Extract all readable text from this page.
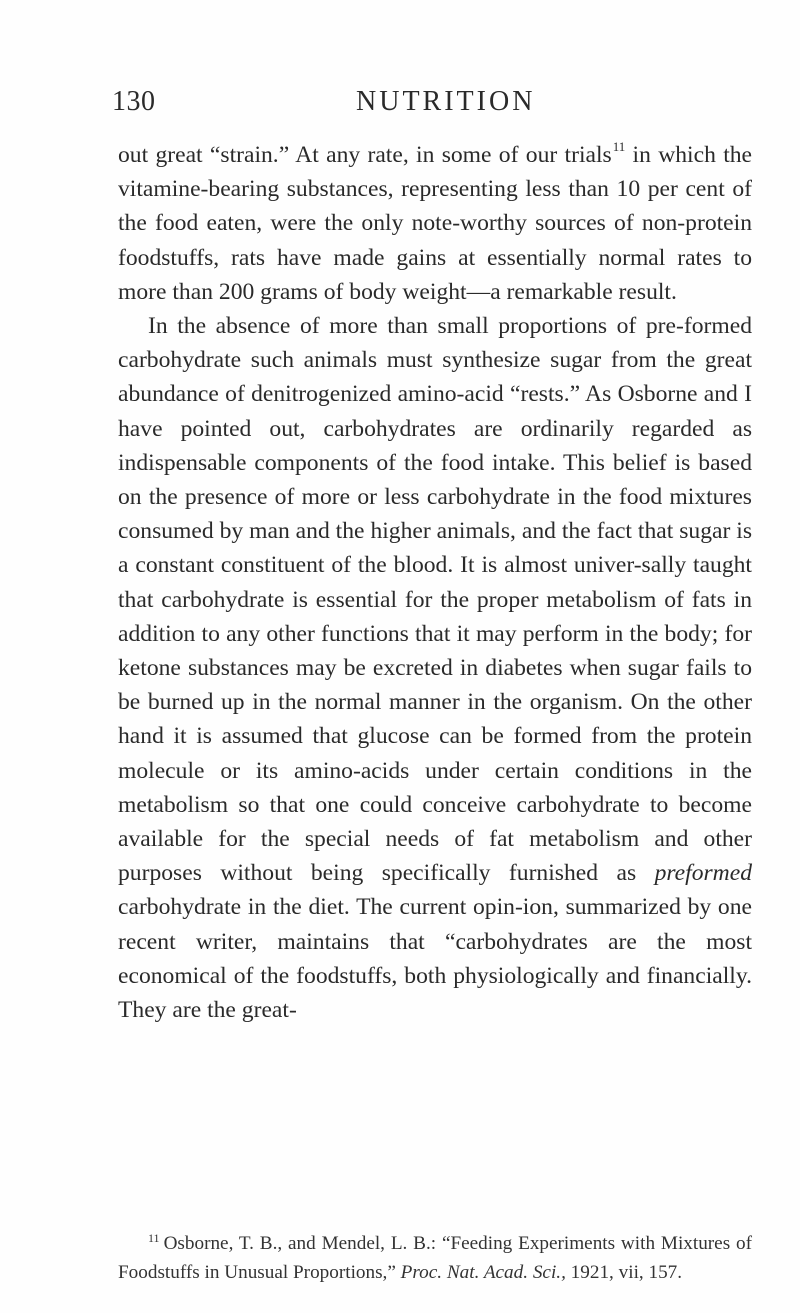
130	NUTRITION

out great “strain.” At any rate, in some of our trials$^{11}$ in which the vitamine-bearing substances, representing less than 10 per cent of the food eaten, were the only note-worthy sources of non-protein foodstuffs, rats have made gains at essentially normal rates to more than 200 grams of body weight—a remarkable result.

In the absence of more than small proportions of pre-formed carbohydrate such animals must synthesize sugar from the great abundance of denitrogenized amino-acid “rests.” As Osborne and I have pointed out, carbohydrates are ordinarily regarded as indispensable components of the food intake. This belief is based on the presence of more or less carbohydrate in the food mixtures consumed by man and the higher animals, and the fact that sugar is a constant constituent of the blood. It is almost univer-sally taught that carbohydrate is essential for the proper metabolism of fats in addition to any other functions that it may perform in the body; for ketone substances may be excreted in diabetes when sugar fails to be burned up in the normal manner in the organism. On the other hand it is assumed that glucose can be formed from the protein molecule or its amino-acids under certain conditions in the metabolism so that one could conceive carbohydrate to become available for the special needs of fat metabolism and other purposes without being specifically furnished as preformed carbohydrate in the diet. The current opin-ion, summarized by one recent writer, maintains that “carbohydrates are the most economical of the foodstuffs, both physiologically and financially. They are the great-

$^{11}$ Osborne, T. B., and Mendel, L. B.: “Feeding Experiments with Mixtures of Foodstuffs in Unusual Proportions,” Proc. Nat. Acad. Sci., 1921, vii, 157.
